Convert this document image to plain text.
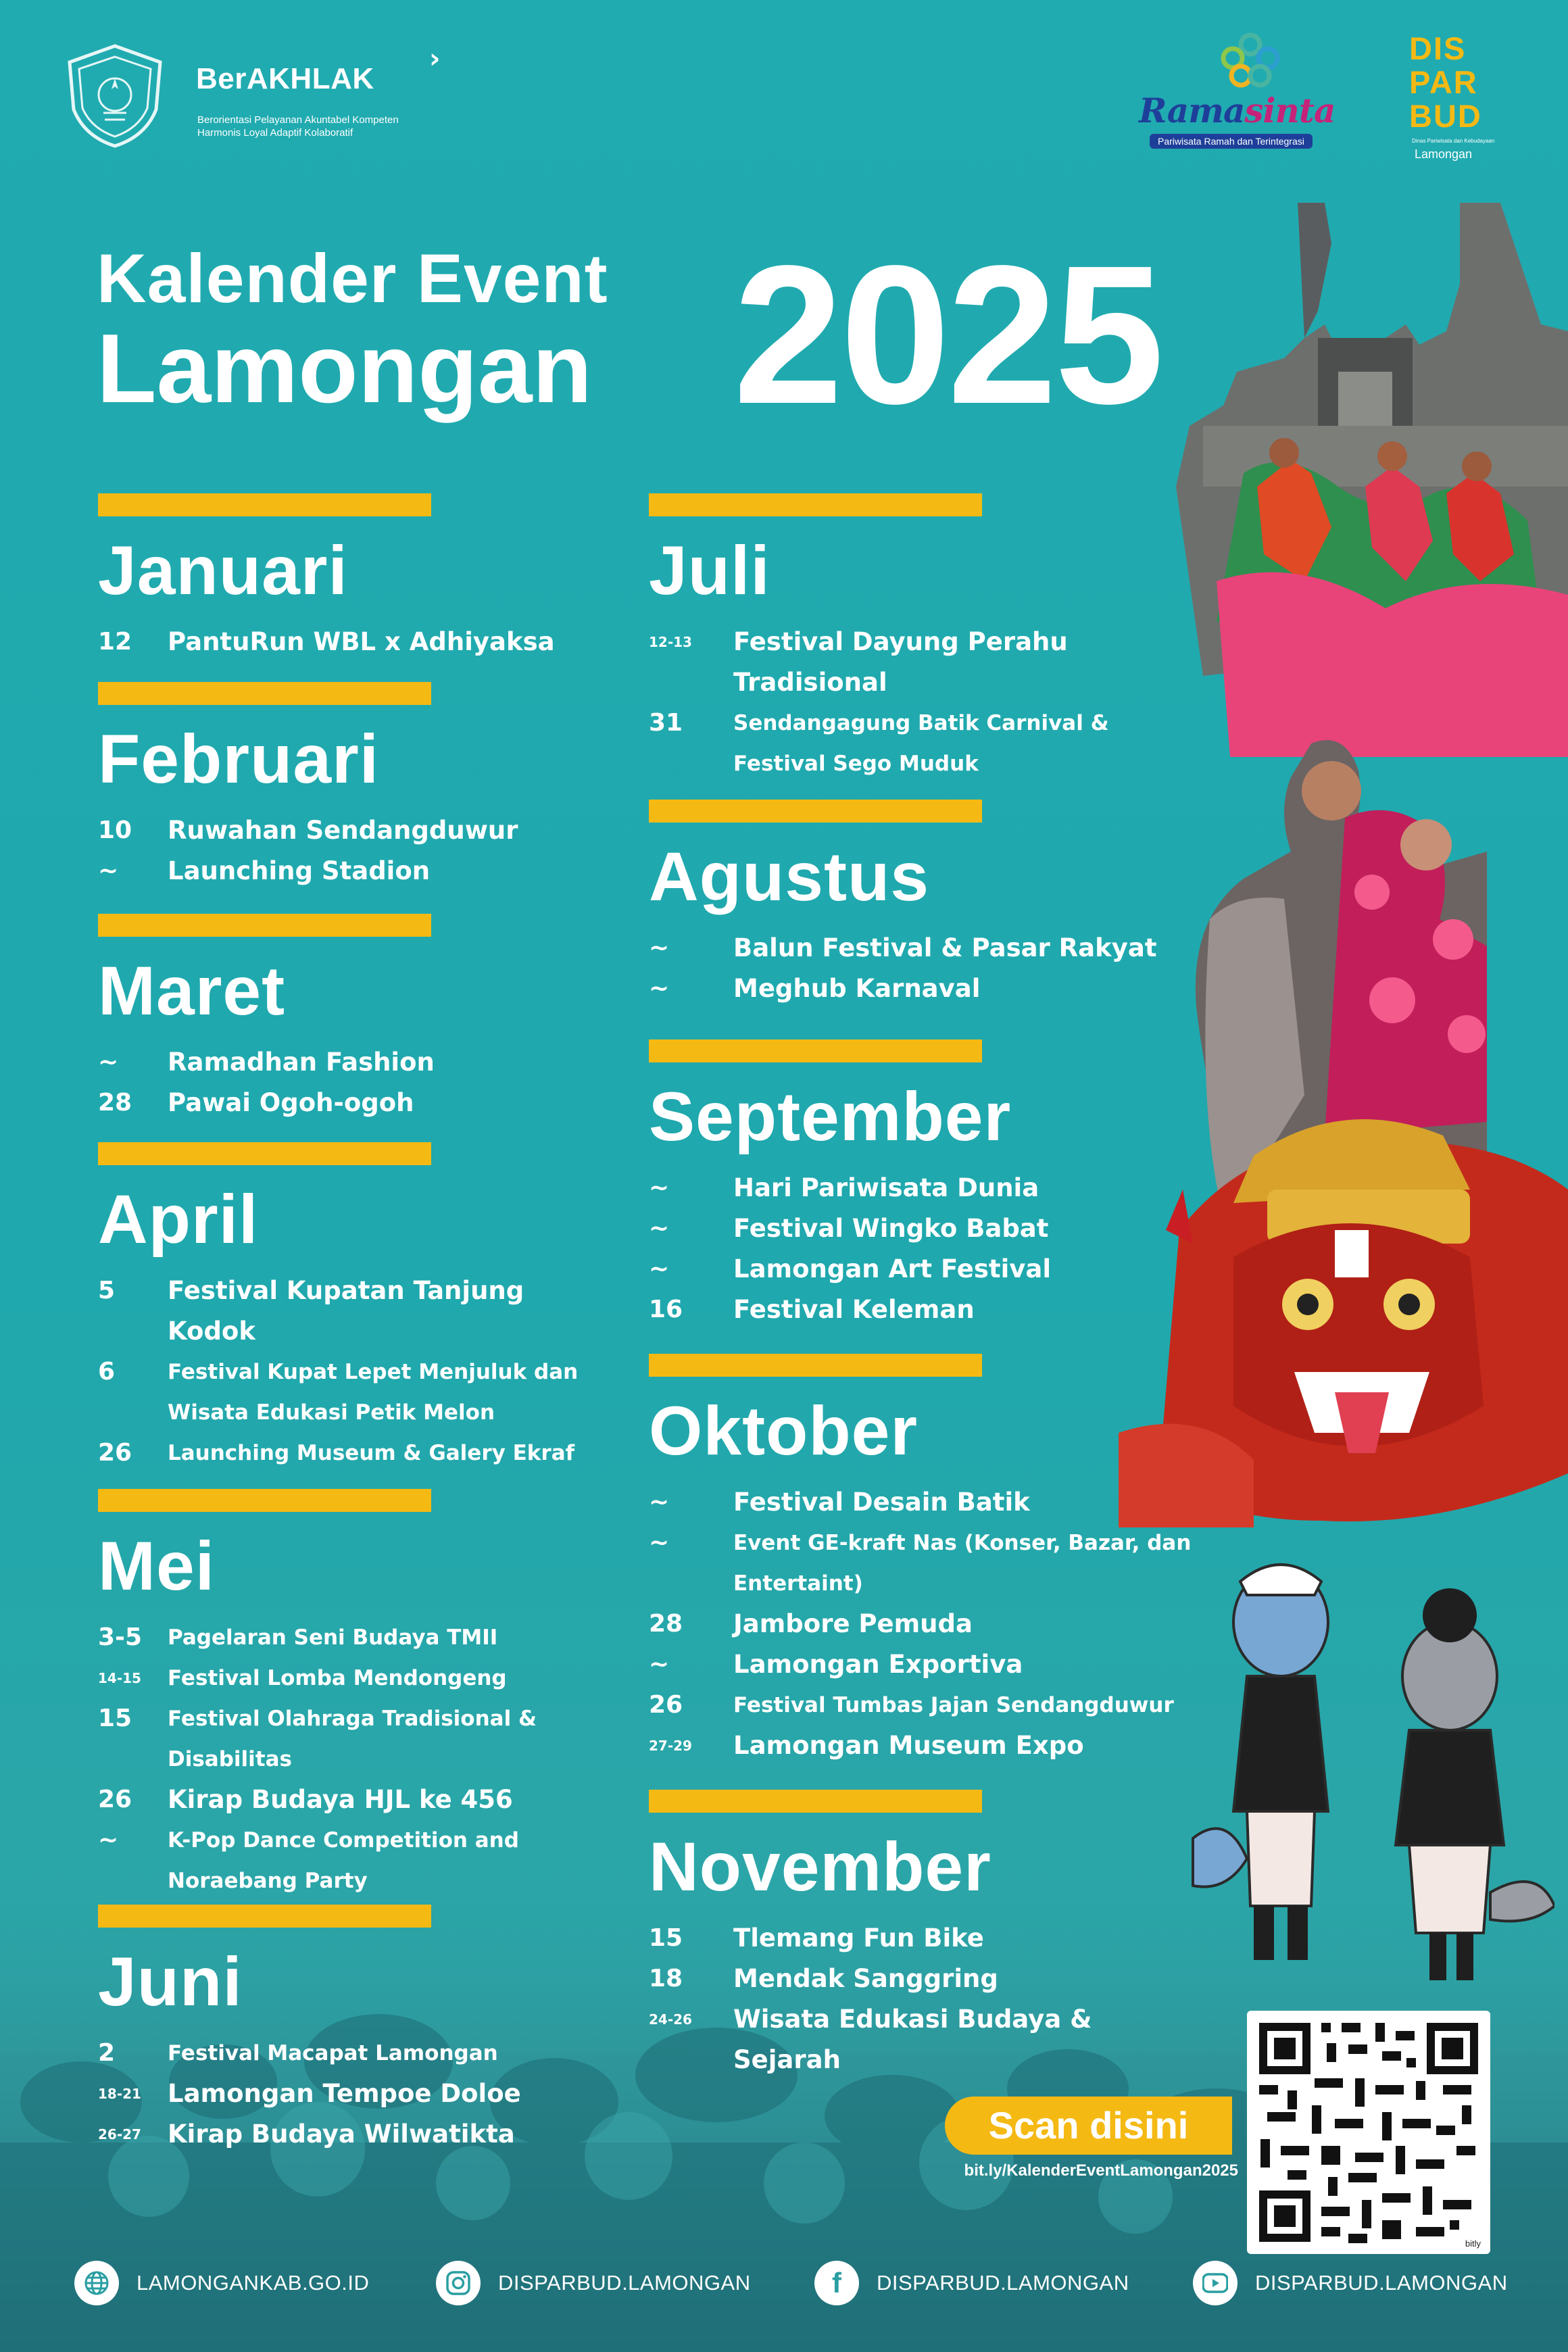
BerAKHLAK
›
Berorientasi Pelayanan Akuntabel Kompeten
Harmonis Loyal Adaptif Kolaboratif
Ramasinta
Pariwisata Ramah dan Terintegrasi
DIS
PAR
BUD
Dinas Pariwisata dan Kebudayaan
Lamongan
Kalender Event
Lamongan 2025
Januari
12	PantuRun WBL x Adhiyaksa
Februari
10	Ruwahan Sendangduwur
~	Launching Stadion
Maret
~	Ramadhan Fashion
28	Pawai Ogoh-ogoh
April
5	Festival Kupatan Tanjung
Kodok
6	Festival Kupat Lepet Menjuluk dan
Wisata Edukasi Petik Melon
26	Launching Museum & Galery Ekraf
Mei
3-5	Pagelaran Seni Budaya TMII
14-15	Festival Lomba Mendongeng
15	Festival Olahraga Tradisional &
Disabilitas
26	Kirap Budaya HJL ke 456
~	K-Pop Dance Competition and
Noraebang Party
Juni
2	Festival Macapat Lamongan
18-21	Lamongan Tempoe Doloe
26-27	Kirap Budaya Wilwatikta
Juli
12-13	Festival Dayung Perahu
Tradisional
31	Sendangagung Batik Carnival &
Festival Sego Muduk
Agustus
~	Balun Festival & Pasar Rakyat
~	Meghub Karnaval
September
~	Hari Pariwisata Dunia
~	Festival Wingko Babat
~	Lamongan Art Festival
16	Festival Keleman
Oktober
~	Festival Desain Batik
~	Event GE-kraft Nas (Konser, Bazar, dan
Entertaint)
28	Jambore Pemuda
~	Lamongan Exportiva
26	Festival Tumbas Jajan Sendangduwur
27-29	Lamongan Museum Expo
November
15	Tlemang Fun Bike
18	Mendak Sanggring
24-26	Wisata Edukasi Budaya &
Sejarah
Scan disini
bit.ly/KalenderEventLamongan2025
bitly
LAMONGANKAB.GO.ID	DISPARBUD.LAMONGAN	f DISPARBUD.LAMONGAN	DISPARBUD.LAMONGAN
